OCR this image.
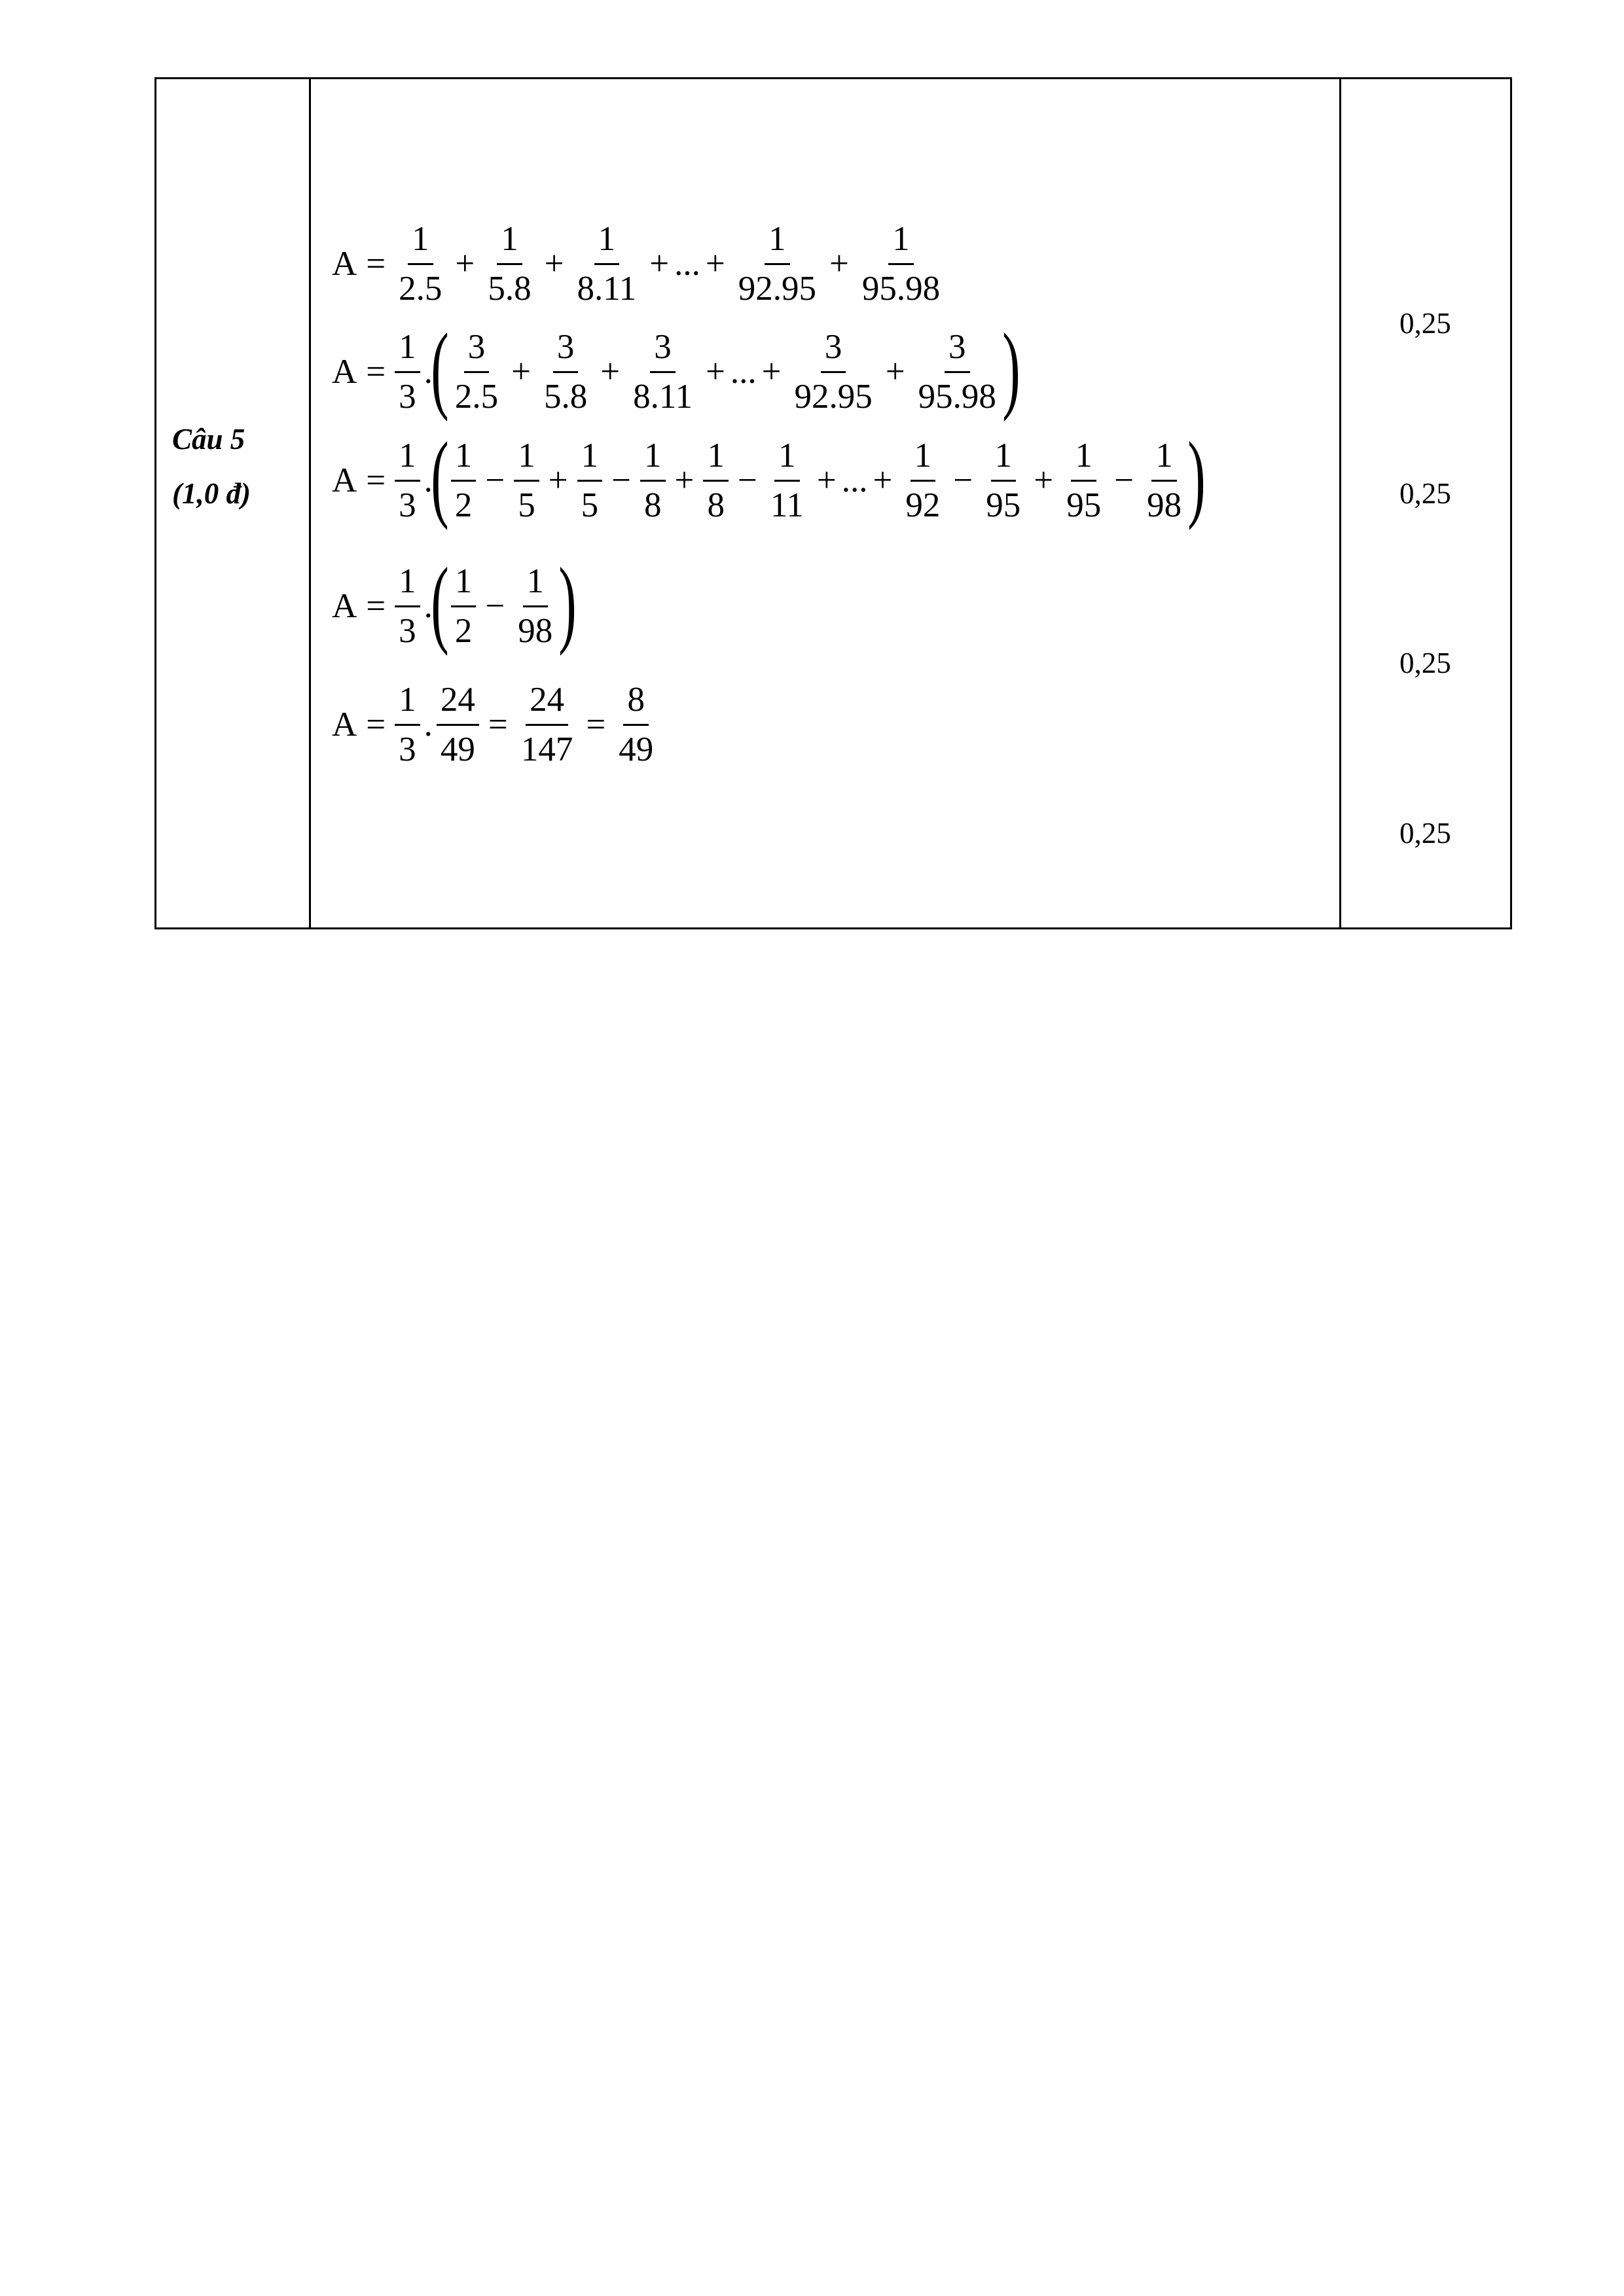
Câu 5
(1,0 đ)
0,25
0,25
0,25
0,25
$A = \frac{1}{2.5} + \frac{1}{5.8} + \frac{1}{8.11}$ + ... + $\frac{1}{92.95} + \frac{1}{95.98}$
$A = \frac{1}{3}$ .
( $\frac{3}{2.5} + \frac{3}{5.8} + \frac{3}{8.11}$ + ... + $\frac{3}{92.95} + \frac{3}{95.98}$ )
$A = \frac{1}{3}$ .
( $\frac{1}{2} - \frac{1}{5} + \frac{1}{5} - \frac{1}{8} + \frac{1}{8} - \frac{1}{11}$ + ... + $\frac{1}{92} - \frac{1}{95} + \frac{1}{95} - \frac{1}{98}$ )
$A = \frac{1}{3}$ .
( $\frac{1}{2} - \frac{1}{98}$ )
$A = \frac{1}{3}$ . $\frac{24}{49} = \frac{24}{147} = \frac{8}{49}$
